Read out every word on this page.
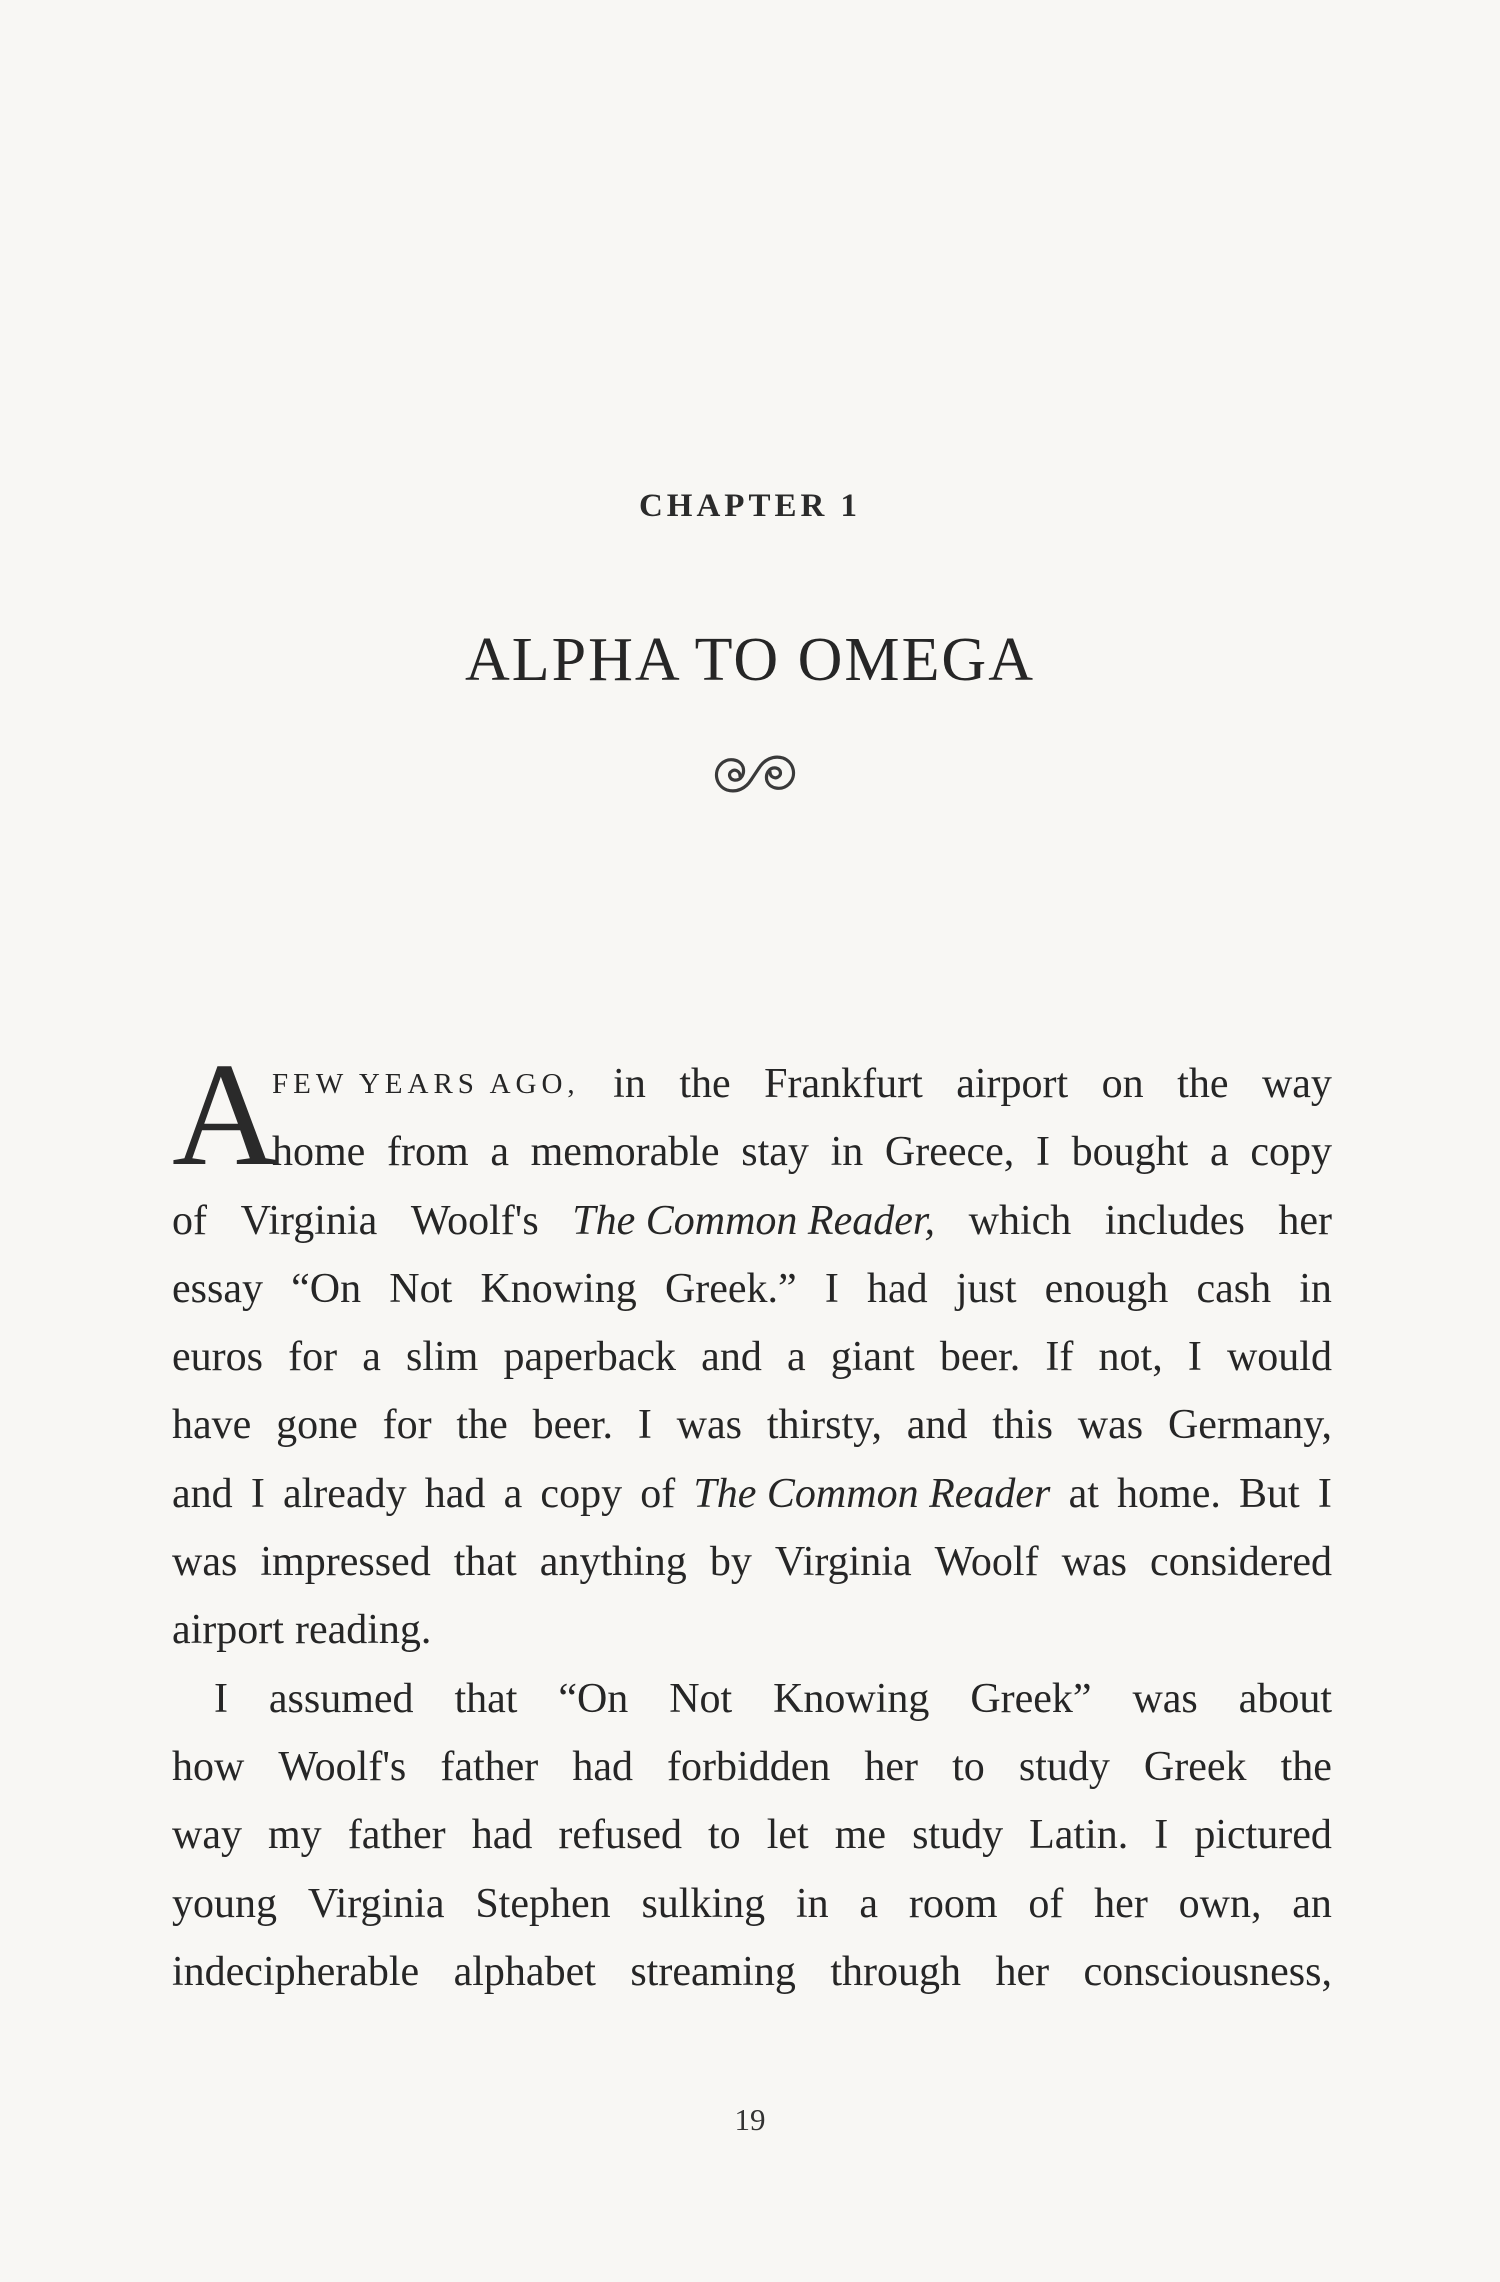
CHAPTER 1
ALPHA TO OMEGA
A
FEW YEARS AGO, in the Frankfurt airport on the way
home from a memorable stay in Greece, I bought a copy
of Virginia Woolf's The Common Reader, which includes her
essay “On Not Knowing Greek.” I had just enough cash in
euros for a slim paperback and a giant beer. If not, I would
have gone for the beer. I was thirsty, and this was Germany,
and I already had a copy of The Common Reader at home. But I
was impressed that anything by Virginia Woolf was considered
airport reading.
I assumed that “On Not Knowing Greek” was about
how Woolf's father had forbidden her to study Greek the
way my father had refused to let me study Latin. I pictured
young Virginia Stephen sulking in a room of her own, an
indecipherable alphabet streaming through her consciousness,
19
